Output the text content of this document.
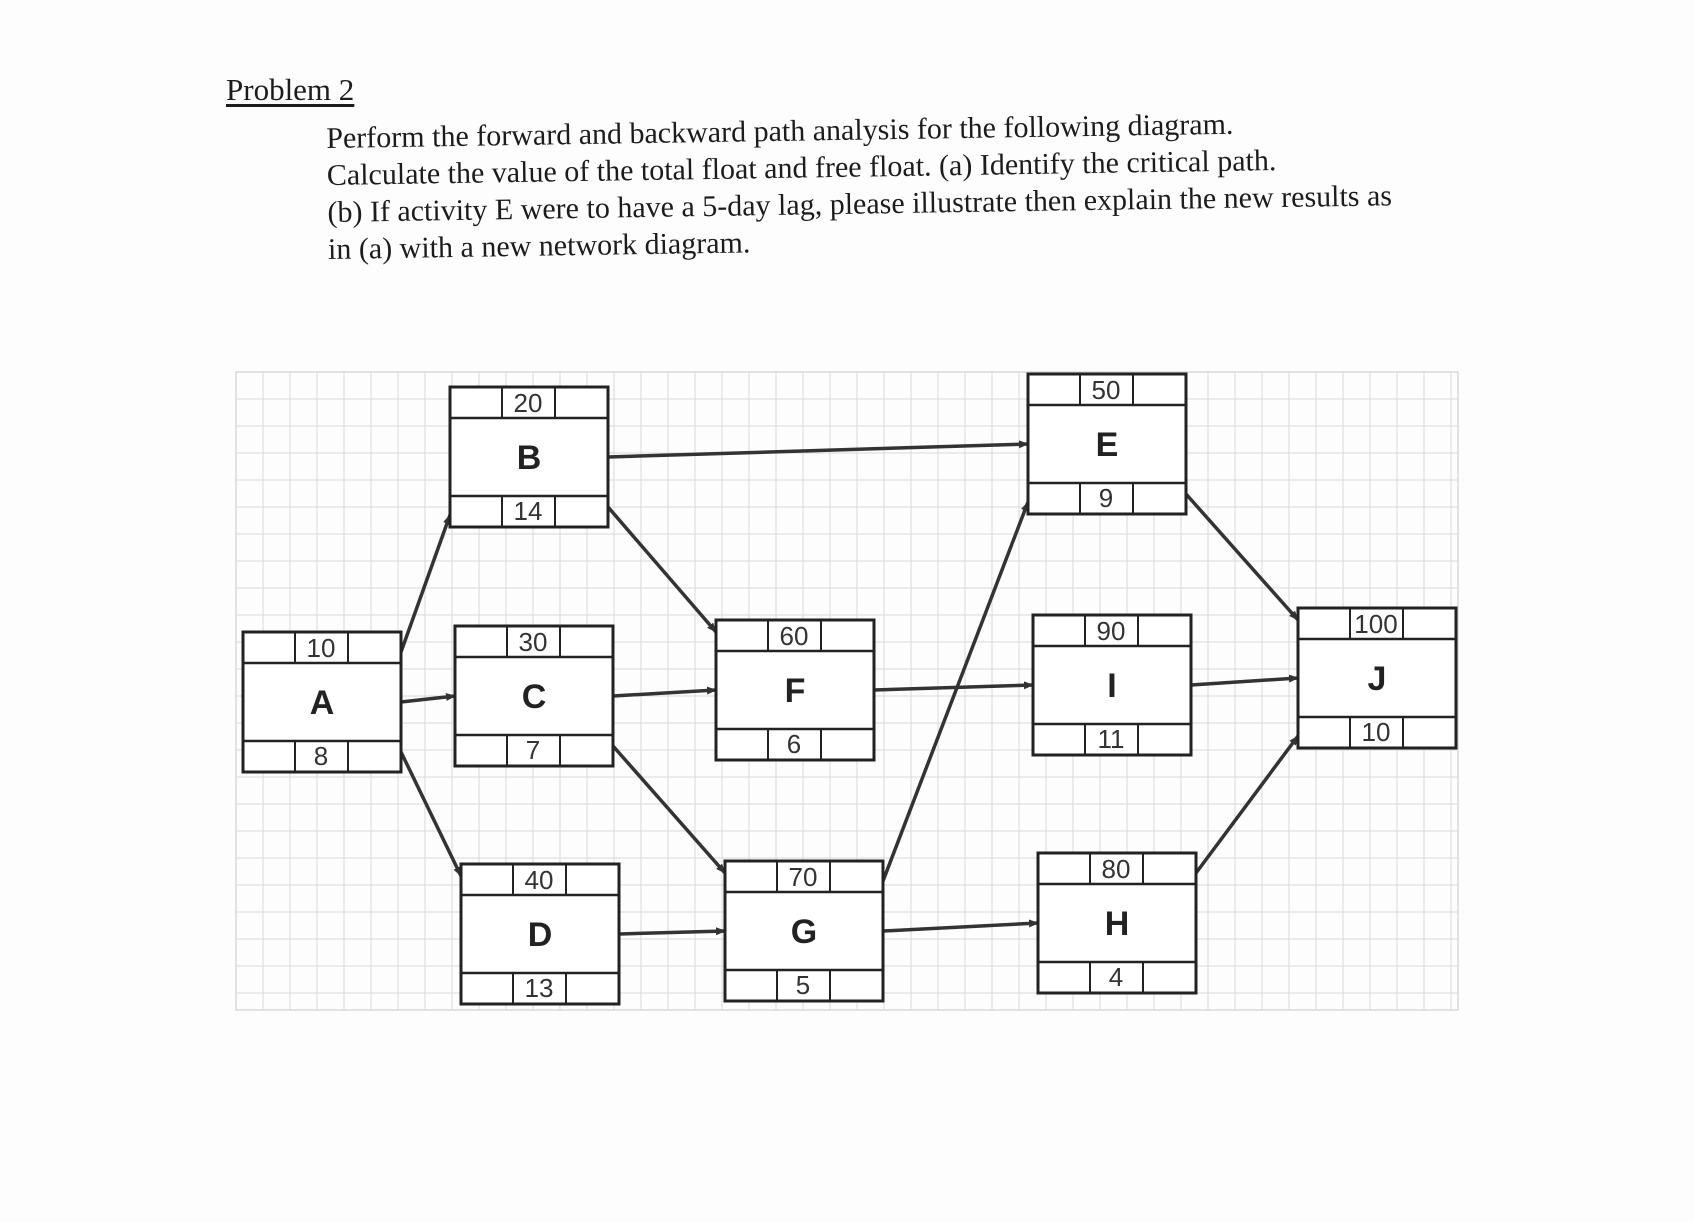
10
A
8
20
B
14
30
C
7
40
D
13
50
E
9
60
F
6
70
G
5
80
H
4
90
I
11
100
J
10
Problem 2
Perform the forward and backward path analysis for the following diagram.
Calculate the value of the total float and free float. (a) Identify the critical path.
(b) If activity E were to have a 5-day lag, please illustrate then explain the new results as
in (a) with a new network diagram.
